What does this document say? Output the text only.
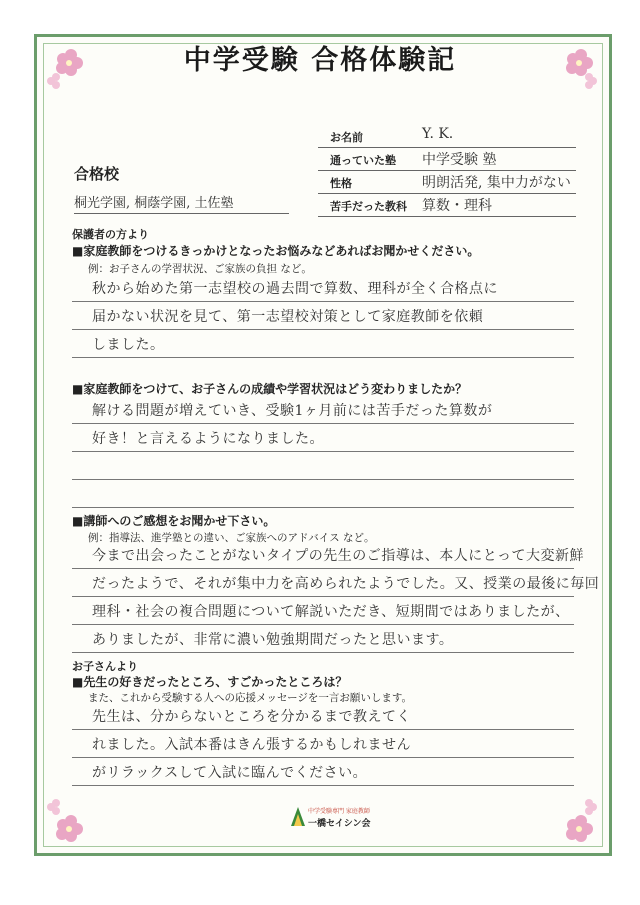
中学受験 合格体験記
お名前	Y. K.
通っていた塾 中学受験 塾
性格	明朗活発, 集中力がない
苦手だった教科 算数・理科
合格校
桐光学園, 桐蔭学園, 土佐塾
保護者の方より
■家庭教師をつけるきっかけとなったお悩みなどあればお聞かせください。
例：お子さんの学習状況、ご家族の負担 など。
秋から始めた第一志望校の過去問で算数、理科が全く合格点に
届かない状況を見て、第一志望校対策として家庭教師を依頼
しました。
■家庭教師をつけて、お子さんの成績や学習状況はどう変わりましたか？
解ける問題が増えていき、受験1ヶ月前には苦手だった算数が
好き！と言えるようになりました。
■講師へのご感想をお聞かせ下さい。
例：指導法、進学塾との違い、ご家族へのアドバイス など。
今まで出会ったことがないタイプの先生のご指導は、本人にとって大変新鮮
だったようで、それが集中力を高められたようでした。又、授業の最後に毎回
理科・社会の複合問題について解説いただき、短期間ではありましたが、
ありましたが、非常に濃い勉強期間だったと思います。
お子さんより
■先生の好きだったところ、すごかったところは？
また、これから受験する人への応援メッセージを一言お願いします。
先生は、分からないところを分かるまで教えてく
れました。入試本番はきん張するかもしれません
がリラックスして入試に臨んでください。
中学受験専門 家庭教師
一橋セイシン会
